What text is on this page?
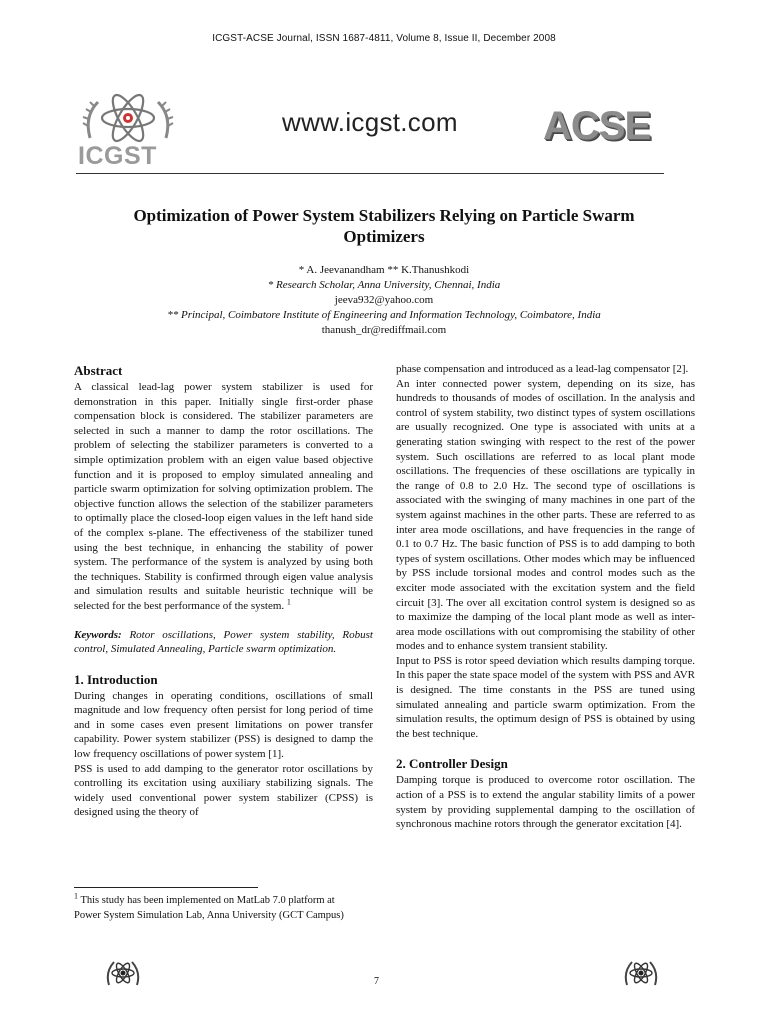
ICGST-ACSE Journal, ISSN 1687-4811, Volume 8, Issue II, December 2008
ICGST
www.icgst.com ACSE
Optimization of Power System Stabilizers Relying on Particle Swarm Optimizers
* A. Jeevanandham ** K.Thanushkodi
* Research Scholar, Anna University, Chennai, India
jeeva932@yahoo.com
** Principal, Coimbatore Institute of Engineering and Information Technology, Coimbatore, India
thanush_dr@rediffmail.com
Abstract

A classical lead-lag power system stabilizer is used for demonstration in this paper. Initially single first-order phase compensation block is considered. The stabilizer parameters are selected in such a manner to damp the rotor oscillations. The problem of selecting the stabilizer parameters is converted to a simple optimization problem with an eigen value based objective function and it is proposed to employ simulated annealing and particle swarm optimization for solving optimization problem. The objective function allows the selection of the stabilizer parameters to optimally place the closed-loop eigen values in the left hand side of the complex s-plane. The effectiveness of the stabilizer tuned using the best technique, in enhancing the stability of power system. The performance of the system is analyzed by using both the techniques. Stability is confirmed through eigen value analysis and simulation results and suitable heuristic technique will be selected for the best performance of the system. $^1$

Keywords: Rotor oscillations, Power system stability, Robust control, Simulated Annealing, Particle swarm optimization.

1. Introduction

During changes in operating conditions, oscillations of small magnitude and low frequency often persist for long period of time and in some cases even present limitations on power transfer capability. Power system stabilizer (PSS) is designed to damp the low frequency oscillations of power system [1].

PSS is used to add damping to the generator rotor oscillations by controlling its excitation using auxiliary stabilizing signals. The widely used conventional power system stabilizer (CPSS) is designed using the theory of

phase compensation and introduced as a lead-lag compensator [2].

An inter connected power system, depending on its size, has hundreds to thousands of modes of oscillation. In the analysis and control of system stability, two distinct types of system oscillations are usually recognized. One type is associated with units at a generating station swinging with respect to the rest of the power system. Such oscillations are referred to as local plant mode oscillations. The frequencies of these oscillations are typically in the range of 0.8 to 2.0 Hz. The second type of oscillations is associated with the swinging of many machines in one part of the system against machines in the other parts. These are referred to as inter area mode oscillations, and have frequencies in the range of 0.1 to 0.7 Hz. The basic function of PSS is to add damping to both types of system oscillations. Other modes which may be influenced by PSS include torsional modes and control modes such as the exciter mode associated with the excitation system and the field circuit [3]. The over all excitation control system is designed so as to maximize the damping of the local plant mode as well as inter-area mode oscillations with out compromising the stability of other modes and to enhance system transient stability.

Input to PSS is rotor speed deviation which results damping torque. In this paper the state space model of the system with PSS and AVR is designed. The time constants in the PSS are tuned using simulated annealing and particle swarm optimization. From the simulation results, the optimum design of PSS is obtained by using the best technique.

2. Controller Design

Damping torque is produced to overcome rotor oscillation. The action of a PSS is to extend the angular stability limits of a power system by providing supplemental damping to the oscillation of synchronous machine rotors through the generator excitation [4].

$^1$ This study has been implemented on MatLab 7.0 platform at Power System Simulation Lab, Anna University (GCT Campus)
7
